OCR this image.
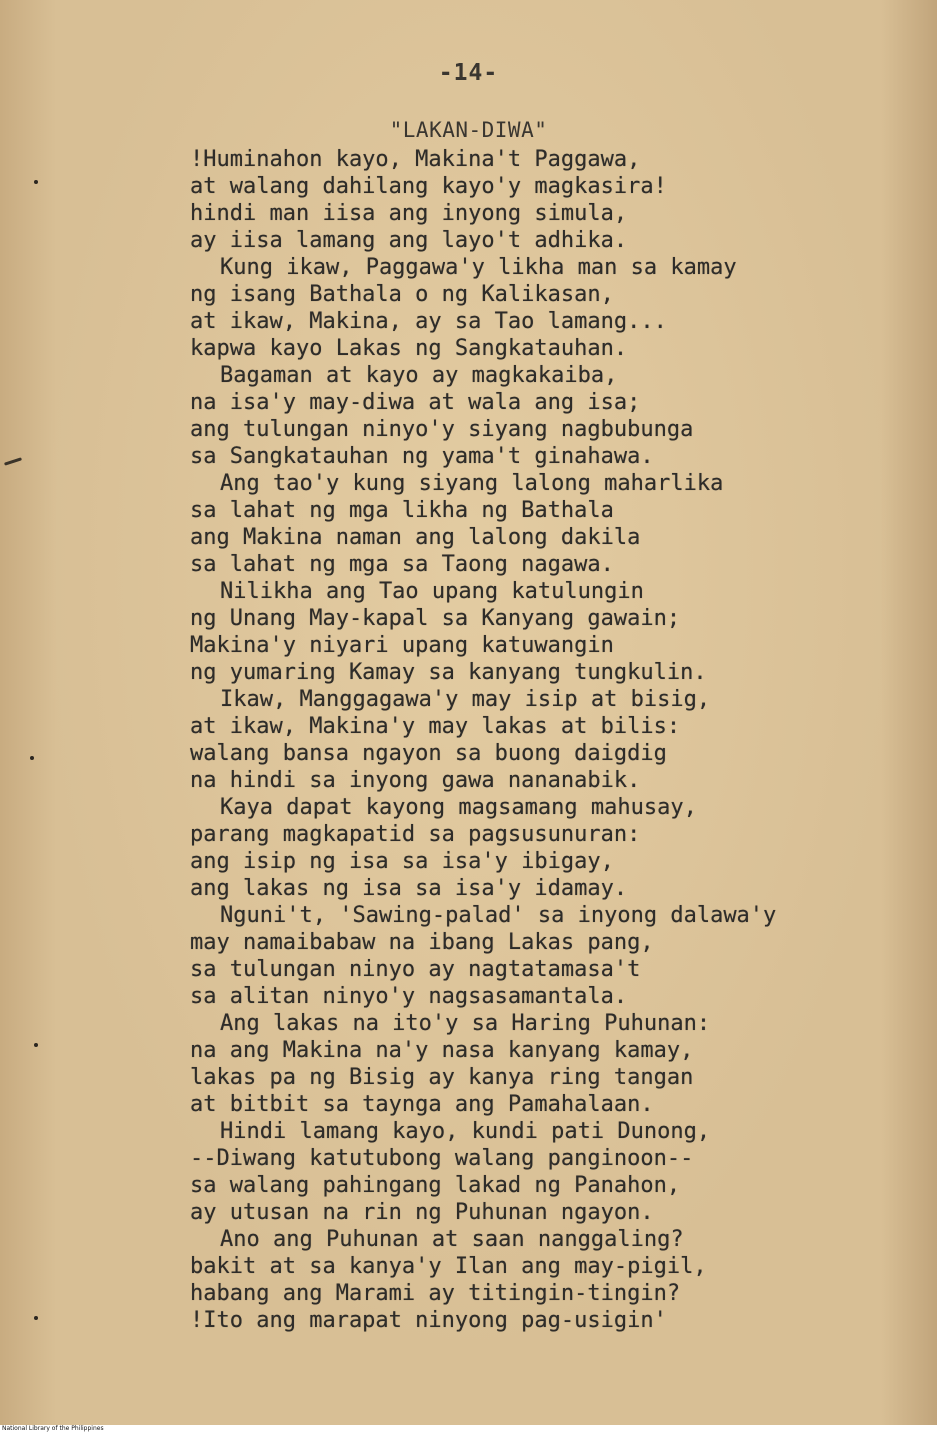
-14-
"LAKAN-DIWA"
!Huminahon kayo, Makina't Paggawa,
at walang dahilang kayo'y magkasira!
hindi man iisa ang inyong simula,
ay iisa lamang ang layo't adhika.
Kung ikaw, Paggawa'y likha man sa kamay
ng isang Bathala o ng Kalikasan,
at ikaw, Makina, ay sa Tao lamang...
kapwa kayo Lakas ng Sangkatauhan.
Bagaman at kayo ay magkakaiba,
na isa'y may-diwa at wala ang isa;
ang tulungan ninyo'y siyang nagbubunga
sa Sangkatauhan ng yama't ginahawa.
Ang tao'y kung siyang lalong maharlika
sa lahat ng mga likha ng Bathala
ang Makina naman ang lalong dakila
sa lahat ng mga sa Taong nagawa.
Nilikha ang Tao upang katulungin
ng Unang May-kapal sa Kanyang gawain;
Makina'y niyari upang katuwangin
ng yumaring Kamay sa kanyang tungkulin.
Ikaw, Manggagawa'y may isip at bisig,
at ikaw, Makina'y may lakas at bilis:
walang bansa ngayon sa buong daigdig
na hindi sa inyong gawa nananabik.
Kaya dapat kayong magsamang mahusay,
parang magkapatid sa pagsusunuran:
ang isip ng isa sa isa'y ibigay,
ang lakas ng isa sa isa'y idamay.
Nguni't, 'Sawing-palad' sa inyong dalawa'y
may namaibabaw na ibang Lakas pang,
sa tulungan ninyo ay nagtatamasa't
sa alitan ninyo'y nagsasamantala.
Ang lakas na ito'y sa Haring Puhunan:
na ang Makina na'y nasa kanyang kamay,
lakas pa ng Bisig ay kanya ring tangan
at bitbit sa taynga ang Pamahalaan.
Hindi lamang kayo, kundi pati Dunong,
--Diwang katutubong walang panginoon--
sa walang pahingang lakad ng Panahon,
ay utusan na rin ng Puhunan ngayon.
Ano ang Puhunan at saan nanggaling?
bakit at sa kanya'y Ilan ang may-pigil,
habang ang Marami ay titingin-tingin?
!Ito ang marapat ninyong pag-usigin'
National Library of the Philippines
